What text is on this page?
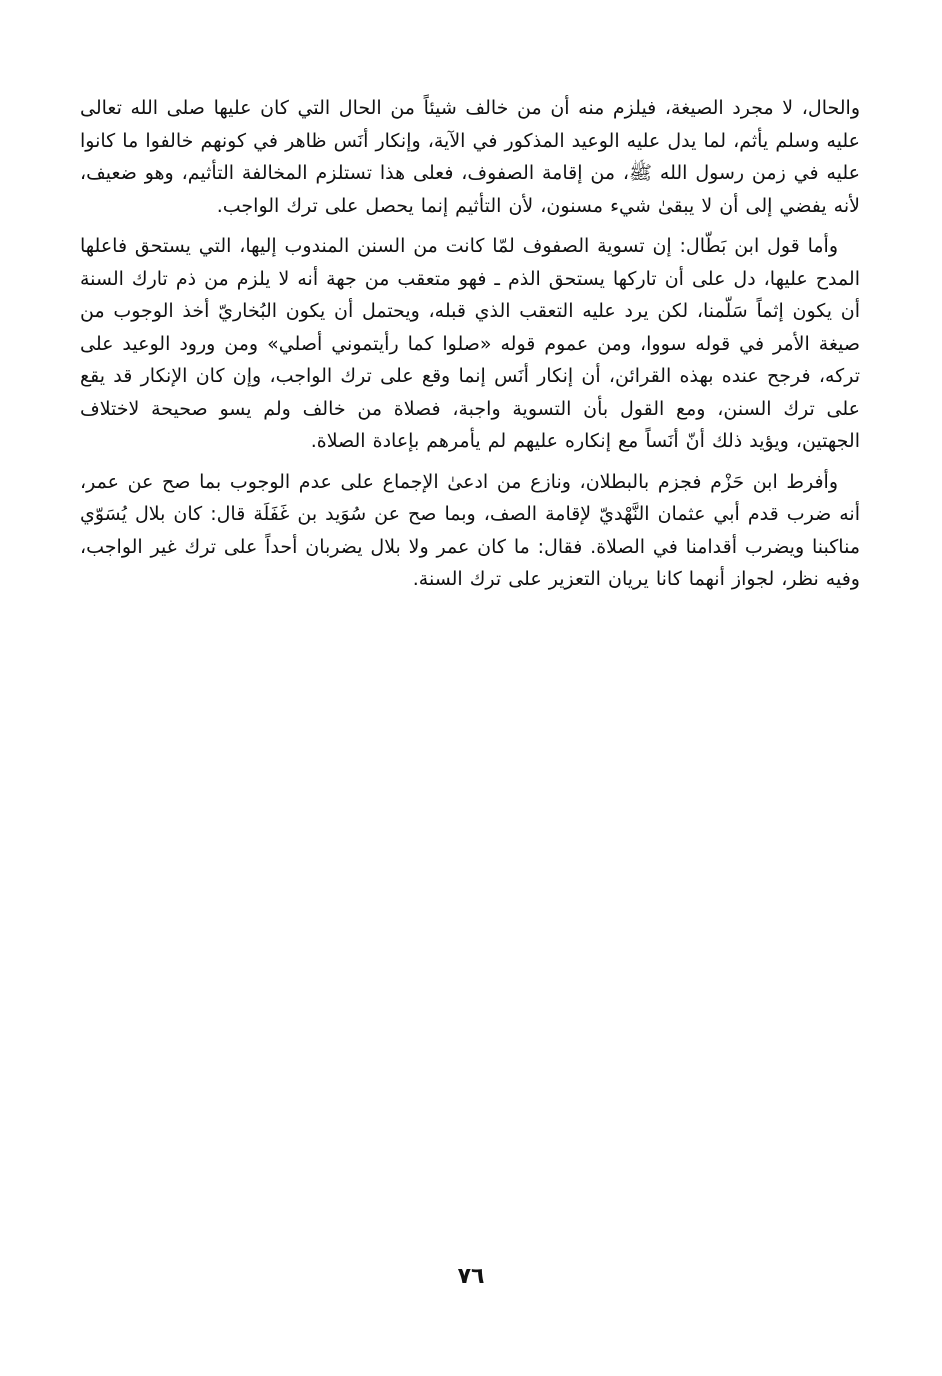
والحال، لا مجرد الصيغة، فيلزم منه أن من خالف شيئاً من الحال التي كان عليها صلى الله تعالى عليه وسلم يأثم، لما يدل عليه الوعيد المذكور في الآية، وإنكار أنَس ظاهر في كونهم خالفوا ما كانوا عليه في زمن رسول الله ﷺ، من إقامة الصفوف، فعلى هذا تستلزم المخالفة التأثيم، وهو ضعيف، لأنه يفضي إلى أن لا يبقىٰ شيء مسنون، لأن التأثيم إنما يحصل على ترك الواجب.

وأما قول ابن بَطّال: إن تسوية الصفوف لمّا كانت من السنن المندوب إليها، التي يستحق فاعلها المدح عليها، دل على أن تاركها يستحق الذم ـ فهو متعقب من جهة أنه لا يلزم من ذم تارك السنة أن يكون إثماً سَلّمنا، لكن يرد عليه التعقب الذي قبله، ويحتمل أن يكون البُخاريّ أخذ الوجوب من صيغة الأمر في قوله سووا، ومن عموم قوله «صلوا كما رأيتموني أصلي» ومن ورود الوعيد على تركه، فرجح عنده بهذه القرائن، أن إنكار أنَس إنما وقع على ترك الواجب، وإن كان الإنكار قد يقع على ترك السنن، ومع القول بأن التسوية واجبة، فصلاة من خالف ولم يسو صحيحة لاختلاف الجهتين، ويؤيد ذلك أنّ أنَساً مع إنكاره عليهم لم يأمرهم بإعادة الصلاة.

وأفرط ابن حَزْم فجزم بالبطلان، ونازع من ادعىٰ الإجماع على عدم الوجوب بما صح عن عمر، أنه ضرب قدم أبي عثمان النَّهْديّ لإقامة الصف، وبما صح عن سُوَيد بن غَفَلَة قال: كان بلال يُسَوّي مناكبنا ويضرب أقدامنا في الصلاة. فقال: ما كان عمر ولا بلال يضربان أحداً على ترك غير الواجب، وفيه نظر، لجواز أنهما كانا يريان التعزير على ترك السنة.

٧٦
